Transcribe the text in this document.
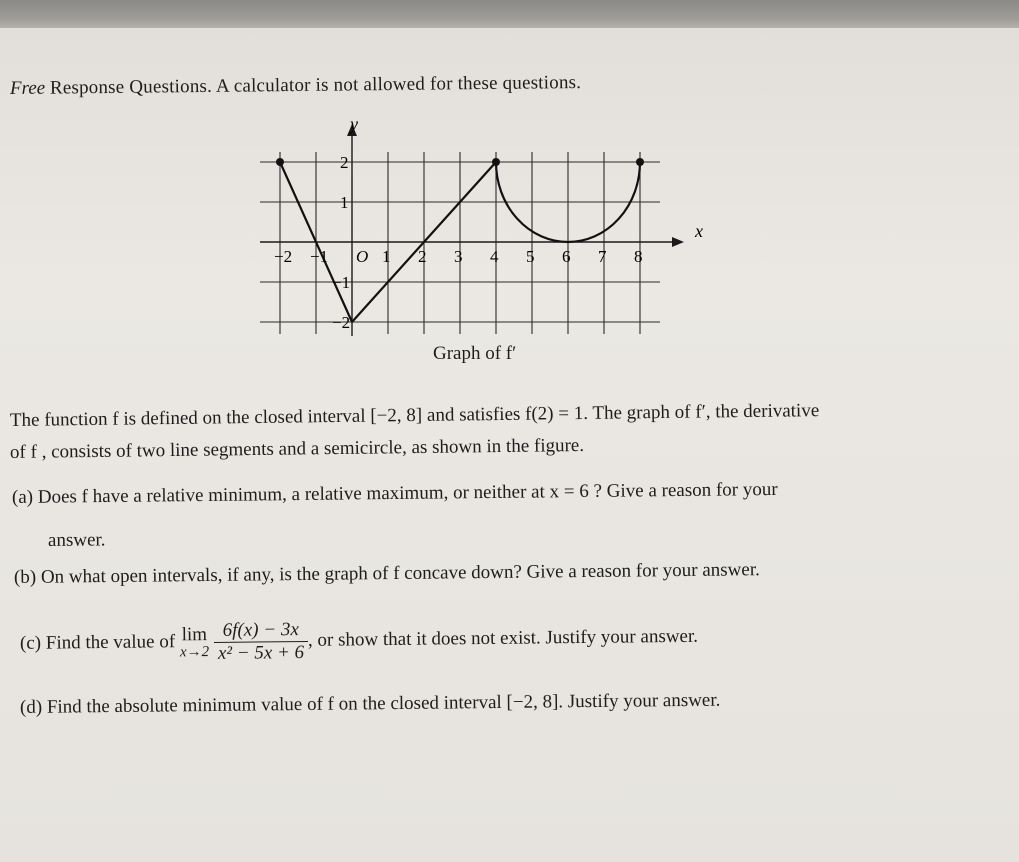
Free Response Questions. A calculator is not allowed for these questions.
−2 −1 O 1 2 3 4 5 6 7 8
2
1
−1
−2
y
x
Graph of f′
The function f is defined on the closed interval [−2, 8] and satisfies f(2) = 1. The graph of f′, the derivative
of f , consists of two line segments and a semicircle, as shown in the figure.
(a) Does f have a relative minimum, a relative maximum, or neither at x = 6 ? Give a reason for your
answer.
(b) On what open intervals, if any, is the graph of f concave down? Give a reason for your answer.
(c) Find the value of lim
x→2
$\frac{6f(x) - 3x}{\text{x² − 5x + 6}}$ , or show that it does not exist. Justify your answer.
(d) Find the absolute minimum value of f on the closed interval [−2, 8]. Justify your answer.
